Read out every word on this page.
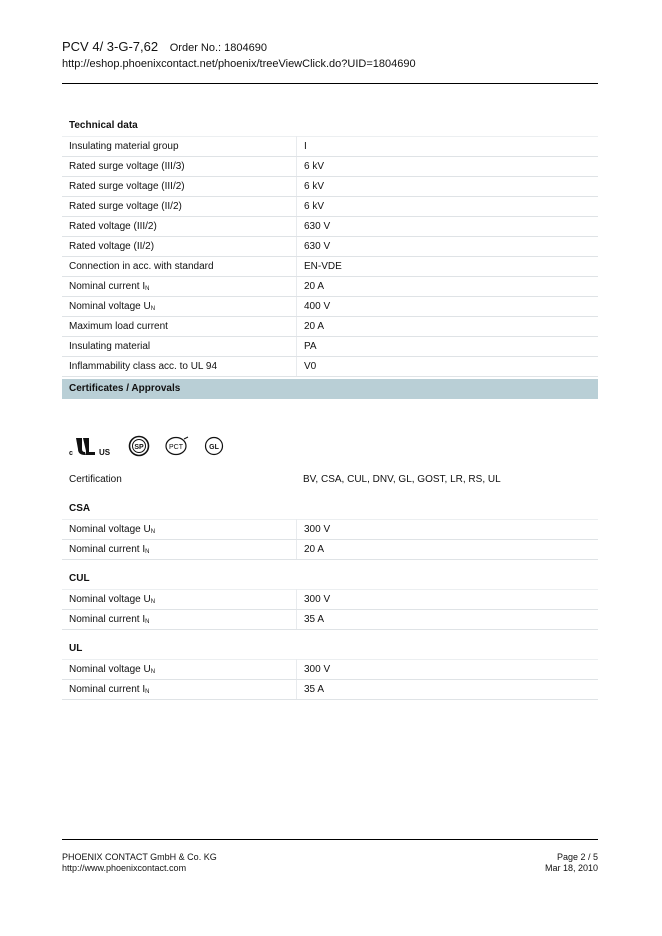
PCV 4/ 3-G-7,62 Order No.: 1804690
http://eshop.phoenixcontact.net/phoenix/treeViewClick.do?UID=1804690
Technical data
Insulating material group	I
Rated surge voltage (III/3)	6 kV
Rated surge voltage (III/2)	6 kV
Rated surge voltage (II/2)	6 kV
Rated voltage (III/2)	630 V
Rated voltage (II/2)	630 V
Connection in acc. with standard	EN-VDE
Nominal current $I_N$	20 A
Nominal voltage $U_N$	400 V
Maximum load current	20 A
Insulating material	PA
Inflammability class acc. to UL 94	V0
Certificates / Approvals
c	US
SP	PCT	GL
Certification	BV, CSA, CUL, DNV, GL, GOST, LR, RS, UL
CSA
Nominal voltage $U_N$	300 V
Nominal current $I_N$	20 A
CUL
Nominal voltage $U_N$	300 V
Nominal current $I_N$	35 A
UL
Nominal voltage $U_N$	300 V
Nominal current $I_N$	35 A
PHOENIX CONTACT GmbH & Co. KG
http://www.phoenixcontact.com
Page 2 / 5
Mar 18, 2010
